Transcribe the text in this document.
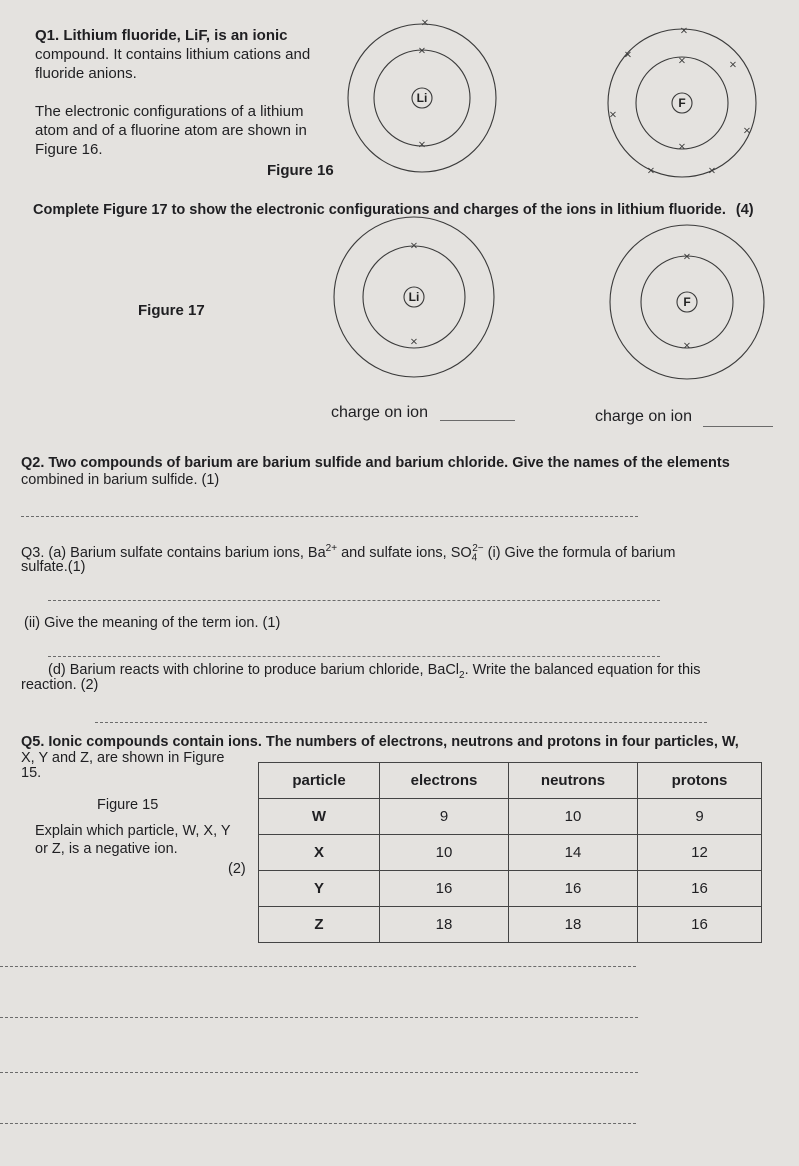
Q1. Lithium fluoride, LiF, is an ionic
compound. It contains lithium cations and
fluoride anions.
The electronic configurations of a lithium
atom and of a fluorine atom are shown in
Figure 16.
Figure 16
Li
×
×
×
F
×
×
×	×
×
×
×
×	×
Complete Figure 17 to show the electronic configurations and charges of the ions in lithium fluoride. (4)
Figure 17
Li
×
×
F
×
×
charge on ion	charge on ion
Q2. Two compounds of barium are barium sulfide and barium chloride. Give the names of the elements
combined in barium sulfide. (1)
Q3. (a) Barium sulfate contains barium ions, $Ba^{2+}$ and sulfate ions, $SO_4^{2-}$ (i) Give the formula of barium
sulfate.(1)
(ii) Give the meaning of the term ion. (1)
(d) Barium reacts with chlorine to produce barium chloride, BaCl$_2$. Write the balanced equation for this
reaction. (2)
Q5. Ionic compounds contain ions. The numbers of electrons, neutrons and protons in four particles, W,
X, Y and Z, are shown in Figure
15.
Figure 15
Explain which particle, W, X, Y
or Z, is a negative ion.
(2)
particle	electrons	neutrons	protons
W	9	10	9
X	10	14	12
Y	16	16	16
Z	18	18	16
